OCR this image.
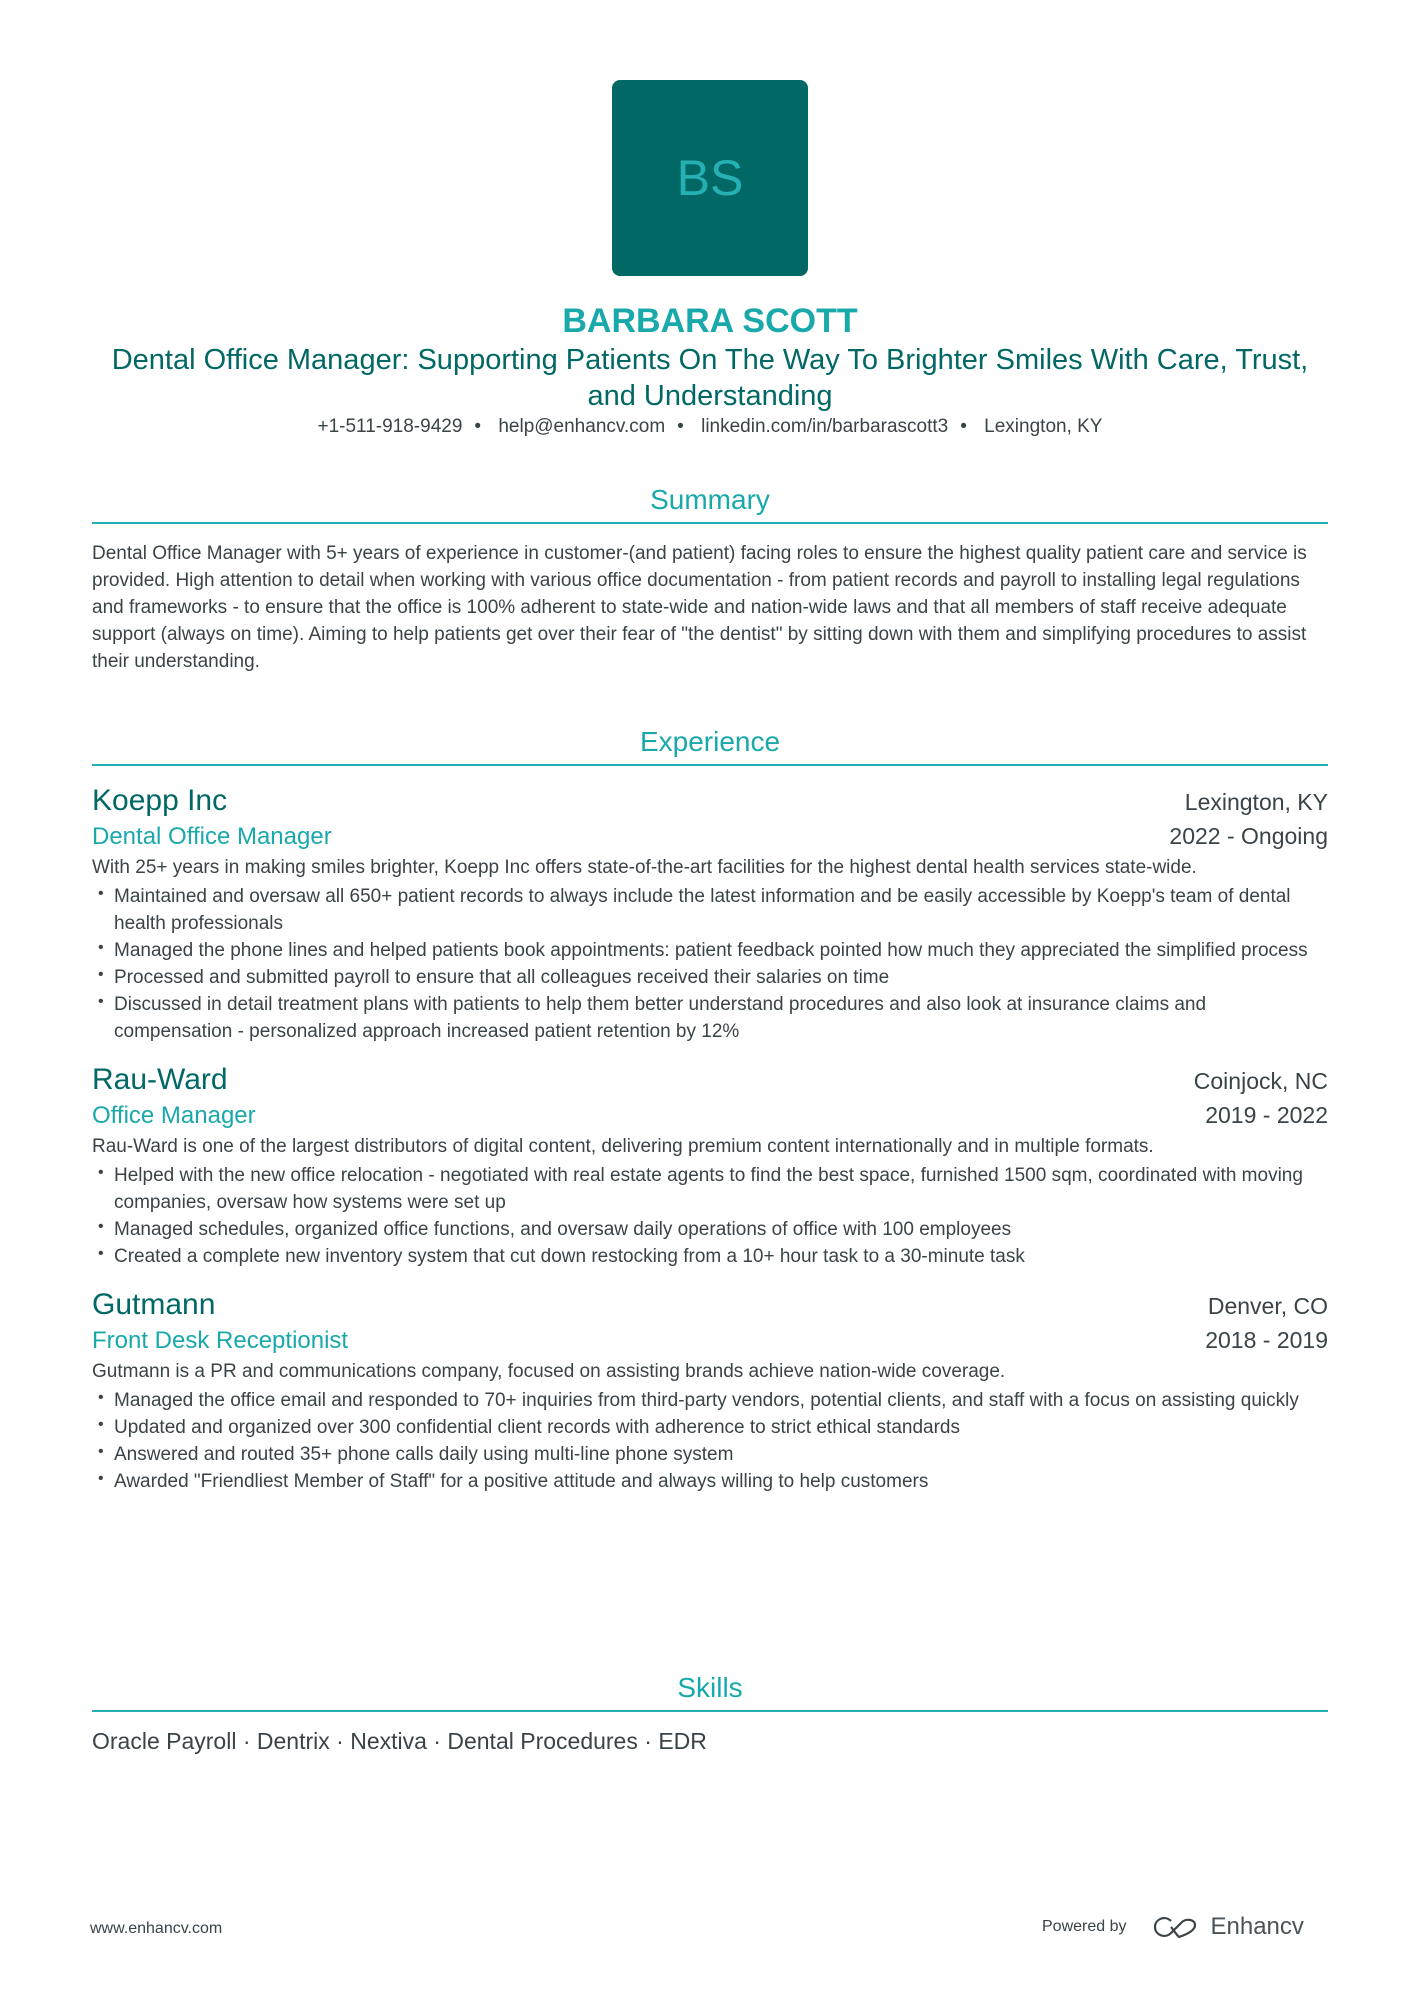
BS
BARBARA SCOTT
Dental Office Manager: Supporting Patients On The Way To Brighter Smiles With Care, Trust, and Understanding
+1-511-918-9429 • help@enhancv.com • linkedin.com/in/barbarascott3 • Lexington, KY
Summary
Dental Office Manager with 5+ years of experience in customer-(and patient) facing roles to ensure the highest quality patient care and service is provided. High attention to detail when working with various office documentation - from patient records and payroll to installing legal regulations and frameworks - to ensure that the office is 100% adherent to state-wide and nation-wide laws and that all members of staff receive adequate support (always on time). Aiming to help patients get over their fear of "the dentist" by sitting down with them and simplifying procedures to assist their understanding.
Experience
Koepp Inc	Lexington, KY
Dental Office Manager	2022 - Ongoing
With 25+ years in making smiles brighter, Koepp Inc offers state-of-the-art facilities for the highest dental health services state-wide.
• Maintained and oversaw all 650+ patient records to always include the latest information and be easily accessible by Koepp's team of dental health professionals
• Managed the phone lines and helped patients book appointments: patient feedback pointed how much they appreciated the simplified process
• Processed and submitted payroll to ensure that all colleagues received their salaries on time
• Discussed in detail treatment plans with patients to help them better understand procedures and also look at insurance claims and compensation - personalized approach increased patient retention by 12%
Rau-Ward	Coinjock, NC
Office Manager	2019 - 2022
Rau-Ward is one of the largest distributors of digital content, delivering premium content internationally and in multiple formats.
• Helped with the new office relocation - negotiated with real estate agents to find the best space, furnished 1500 sqm, coordinated with moving companies, oversaw how systems were set up
• Managed schedules, organized office functions, and oversaw daily operations of office with 100 employees
• Created a complete new inventory system that cut down restocking from a 10+ hour task to a 30-minute task
Gutmann	Denver, CO
Front Desk Receptionist	2018 - 2019
Gutmann is a PR and communications company, focused on assisting brands achieve nation-wide coverage.
• Managed the office email and responded to 70+ inquiries from third-party vendors, potential clients, and staff with a focus on assisting quickly
• Updated and organized over 300 confidential client records with adherence to strict ethical standards
• Answered and routed 35+ phone calls daily using multi-line phone system
• Awarded "Friendliest Member of Staff" for a positive attitude and always willing to help customers
Skills
Oracle Payroll · Dentrix · Nextiva · Dental Procedures · EDR
www.enhancv.com	Powered by	Enhancv
